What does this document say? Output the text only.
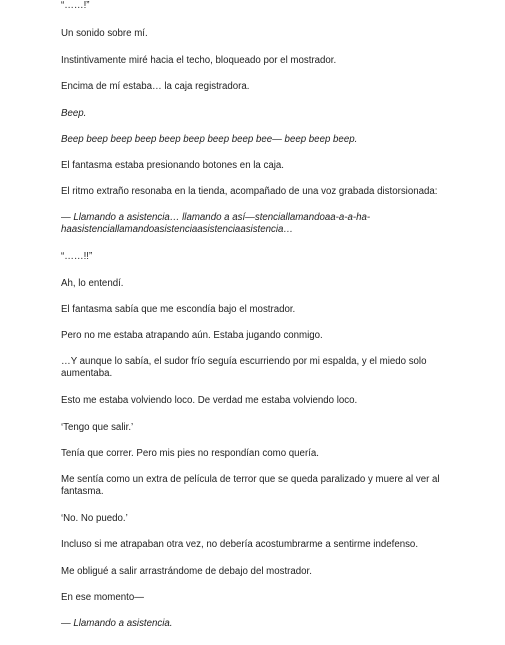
“……!”

Un sonido sobre mí.

Instintivamente miré hacia el techo, bloqueado por el mostrador.

Encima de mí estaba… la caja registradora.

Beep.

Beep beep beep beep beep beep beep beep bee— beep beep beep.

El fantasma estaba presionando botones en la caja.

El ritmo extraño resonaba en la tienda, acompañado de una voz grabada distorsionada:

— Llamando a asistencia… llamando a así—stenciallamandoaa-a-a-ha-haasistenciallamandoasistenciaasistenciaasistencia…

“……!!”

Ah, lo entendí.

El fantasma sabía que me escondía bajo el mostrador.

Pero no me estaba atrapando aún. Estaba jugando conmigo.

…Y aunque lo sabía, el sudor frío seguía escurriendo por mi espalda, y el miedo solo aumentaba.

Esto me estaba volviendo loco. De verdad me estaba volviendo loco.

‘Tengo que salir.’

Tenía que correr. Pero mis pies no respondían como quería.

Me sentía como un extra de película de terror que se queda paralizado y muere al ver al fantasma.

‘No. No puedo.’

Incluso si me atrapaban otra vez, no debería acostumbrarme a sentirme indefenso.

Me obligué a salir arrastrándome de debajo del mostrador.

En ese momento—

— Llamando a asistencia.
